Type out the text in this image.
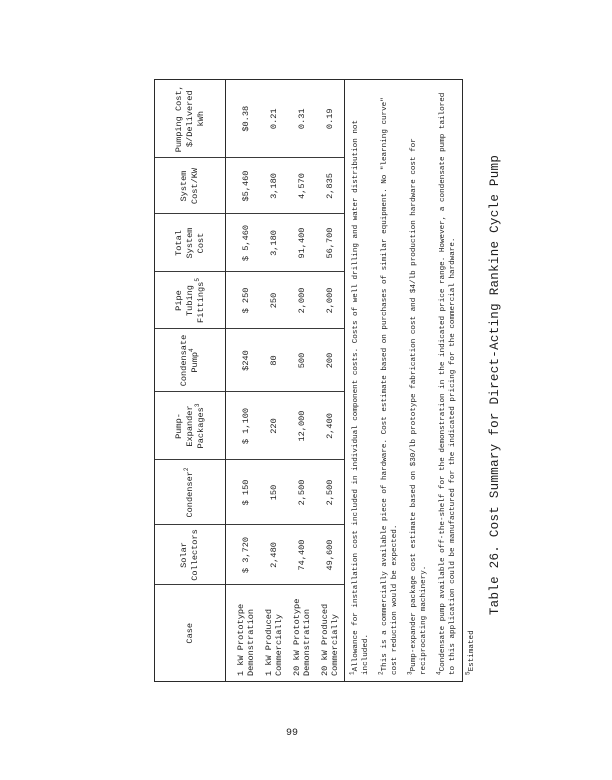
Table 26. Cost Summary for Direct-Acting Rankine Cycle Pump
Case	Solar Collectors	Condenser$^2$	Pump-Expander Packages$^3$	Condensate Pump$^4$	Pipe Tubing Fittings$^5$	Total System Cost	System Cost/KW	Pumping Cost, $/Delivered kWh
1 kW Prototype Demonstration	$ 3,720	$ 150	$ 1,100	$240	$ 250	$ 5,460	$5,460	$0.38
1 kW Produced Commercially	2,480	150	220	80	250	3,180	3,180	0.21
20 kW Prototype Demonstration	74,400	2,500	12,000	500	2,000	91,400	4,570	0.31
20 kW Produced Commercially	49,600	2,500	2,400	200	2,000	56,700	2,835	0.19
$^1$Allowance for installation cost included in individual component costs. Costs of well drilling and water distribution not included. $^2$This is a commercially available piece of hardware. Cost estimate based on purchases of similar equipment. No "learning curve" cost reduction would be expected. $^3$Pump-expander package cost estimate based on $30/lb prototype fabrication cost and $4/lb production hardware cost for reciprocating machinery. $^4$Condensate pump available off-the-shelf for the demonstration in the indicated price range. However, a condensate pump tailored to this application could be manufactured for the indicated pricing for the commercial hardware. $^5$Estimated
99
